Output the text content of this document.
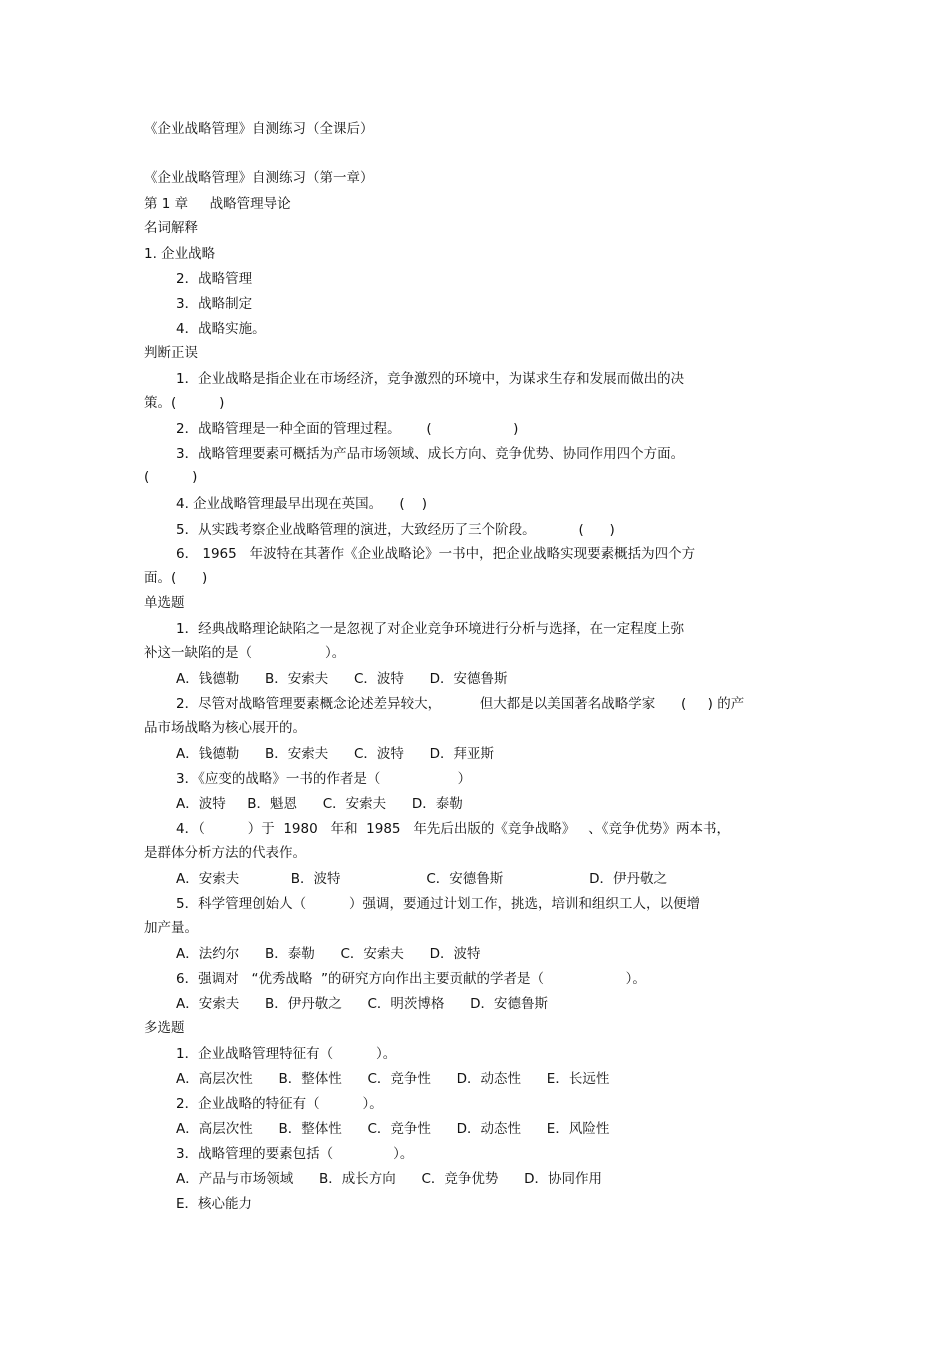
《企业战略管理》自测练习（全课后）
《企业战略管理》自测练习（第一章）
第 1 章     战略管理导论
名词解释
1. 企业战略
2．战略管理
3．战略制定
4．战略实施。
判断正误
1．企业战略是指企业在市场经济，竞争激烈的环境中，为谋求生存和发展而做出的决
策。(          )
2．战略管理是一种全面的管理过程。      (                   )
3．战略管理要素可概括为产品市场领域、成长方向、竞争优势、协同作用四个方面。
(          )
4. 企业战略管理最早出现在英国。    (    )
5．从实践考察企业战略管理的演进，大致经历了三个阶段。          (      )
6． 1965   年波特在其著作《企业战略论》一书中，把企业战略实现要素概括为四个方
面。(      )
单选题
1．经典战略理论缺陷之一是忽视了对企业竞争环境进行分析与选择，在一定程度上弥
补这一缺陷的是（                 ）。
A．钱德勒      B．安索夫      C．波特      D．安德鲁斯
2．尽管对战略管理要素概念论述差异较大，         但大都是以美国著名战略学家      (     ) 的产
品市场战略为核心展开的。
A．钱德勒      B．安索夫      C．波特      D．拜亚斯
3．《应变的战略》一书的作者是（                  ）
A．波特     B．魁恩      C．安索夫      D．泰勒
4．（          ）于  1980   年和  1985   年先后出版的《竞争战略》   、《竞争优势》两本书，
是群体分析方法的代表作。
A．安索夫            B．波特                    C．安德鲁斯                    D．伊丹敬之
5．科学管理创始人（          ）强调，要通过计划工作，挑选，培训和组织工人，以便增
加产量。
A．法约尔      B．泰勒      C．安索夫      D．波特
6．强调对   “优秀战略  ”的研究方向作出主要贡献的学者是（                   ）。
A．安索夫      B．伊丹敬之      C．明茨博格      D．安德鲁斯
多选题
1．企业战略管理特征有（          ）。
A．高层次性      B．整体性      C．竞争性      D．动态性      E．长远性
2．企业战略的特征有（          ）。
A．高层次性      B．整体性      C．竞争性      D．动态性      E．风险性
3．战略管理的要素包括（              ）。
A．产品与市场领域      B．成长方向      C．竞争优势      D．协同作用
E．核心能力
